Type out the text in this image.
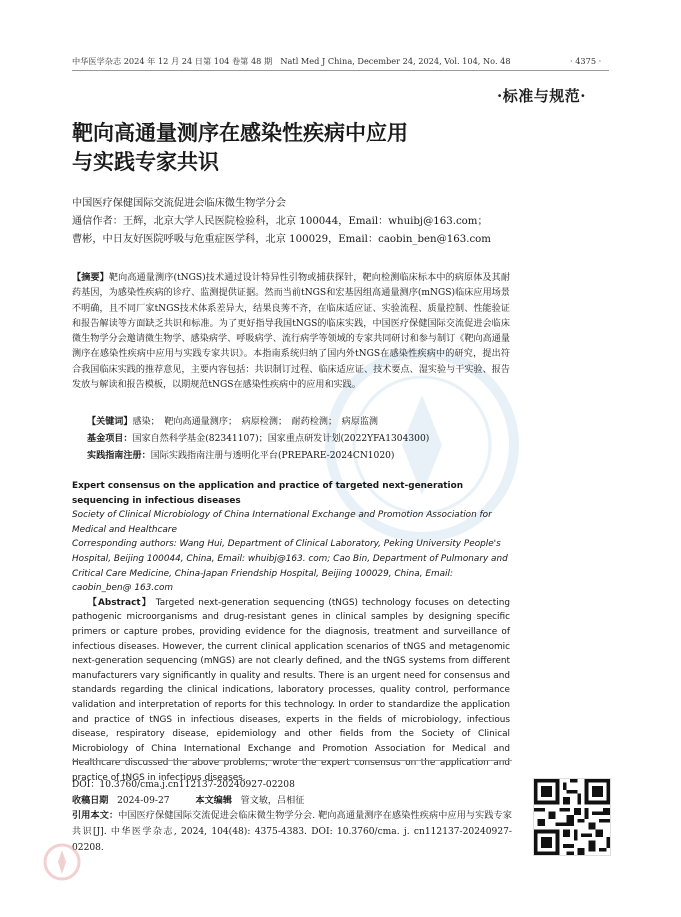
中华医学杂志 2024 年 12 月 24 日第 104 卷第 48 期　Natl Med J China, December 24, 2024, Vol. 104, No. 48	· 4375 ·
·标准与规范·
靶向高通量测序在感染性疾病中应用
与实践专家共识
中国医疗保健国际交流促进会临床微生物学分会
通信作者：王辉，北京大学人民医院检验科，北京 100044，Email：whuibj@163.com；
曹彬，中日友好医院呼吸与危重症医学科，北京 100029，Email：caobin_ben@163.com
【摘要】靶向高通量测序(tNGS)技术通过设计特异性引物或捕获探针，靶向检测临床标本中的病原体及其耐药基因，为感染性疾病的诊疗、监测提供证据。然而当前tNGS和宏基因组高通量测序(mNGS)临床应用场景不明确，且不同厂家tNGS技术体系差异大，结果良莠不齐，在临床适应证、实验流程、质量控制、性能验证和报告解读等方面缺乏共识和标准。为了更好指导我国tNGS的临床实践，中国医疗保健国际交流促进会临床微生物学分会邀请微生物学、感染病学、呼吸病学、流行病学等领域的专家共同研讨和参与制订《靶向高通量测序在感染性疾病中应用与实践专家共识》。本指南系统归纳了国内外tNGS在感染性疾病中的研究，提出符合我国临床实践的推荐意见，主要内容包括：共识制订过程、临床适应证、技术要点、湿实验与干实验、报告发放与解读和报告模板，以期规范tNGS在感染性疾病中的应用和实践。
【关键词】感染；　靶向高通量测序；　病原检测；　耐药检测；　病原监测
基金项目：国家自然科学基金(82341107)；国家重点研发计划(2022YFA1304300)
实践指南注册：国际实践指南注册与透明化平台(PREPARE-2024CN1020)
Expert consensus on the application and practice of targeted next-generation sequencing in infectious diseases
Society of Clinical Microbiology of China International Exchange and Promotion Association for Medical and Healthcare
Corresponding authors: Wang Hui, Department of Clinical Laboratory, Peking University People's Hospital, Beijing 100044, China, Email: whuibj@163. com; Cao Bin, Department of Pulmonary and Critical Care Medicine, China-Japan Friendship Hospital, Beijing 100029, China, Email: caobin_ben@ 163.com
【Abstract】 Targeted next-generation sequencing (tNGS) technology focuses on detecting pathogenic microorganisms and drug-resistant genes in clinical samples by designing specific primers or capture probes, providing evidence for the diagnosis, treatment and surveillance of infectious diseases. However, the current clinical application scenarios of tNGS and metagenomic next-generation sequencing (mNGS) are not clearly defined, and the tNGS systems from different manufacturers vary significantly in quality and results. There is an urgent need for consensus and standards regarding the clinical indications, laboratory processes, quality control, performance validation and interpretation of reports for this technology. In order to standardize the application and practice of tNGS in infectious diseases, experts in the fields of microbiology, infectious disease, respiratory disease, epidemiology and other fields from the Society of Clinical Microbiology of China International Exchange and Promotion Association for Medical and Healthcare discussed the above problems, wrote the expert consensus on the application and practice of tNGS in infectious diseases.
DOI：10.3760/cma.j.cn112137-20240927-02208
收稿日期 2024-09-27	本文编辑 管文敏，吕相征
引用本文：中国医疗保健国际交流促进会临床微生物学分会. 靶向高通量测序在感染性疾病中应用与实践专家共识[J]. 中华医学杂志, 2024, 104(48): 4375-4383. DOI: 10.3760/cma. j. cn112137-20240927-02208.
